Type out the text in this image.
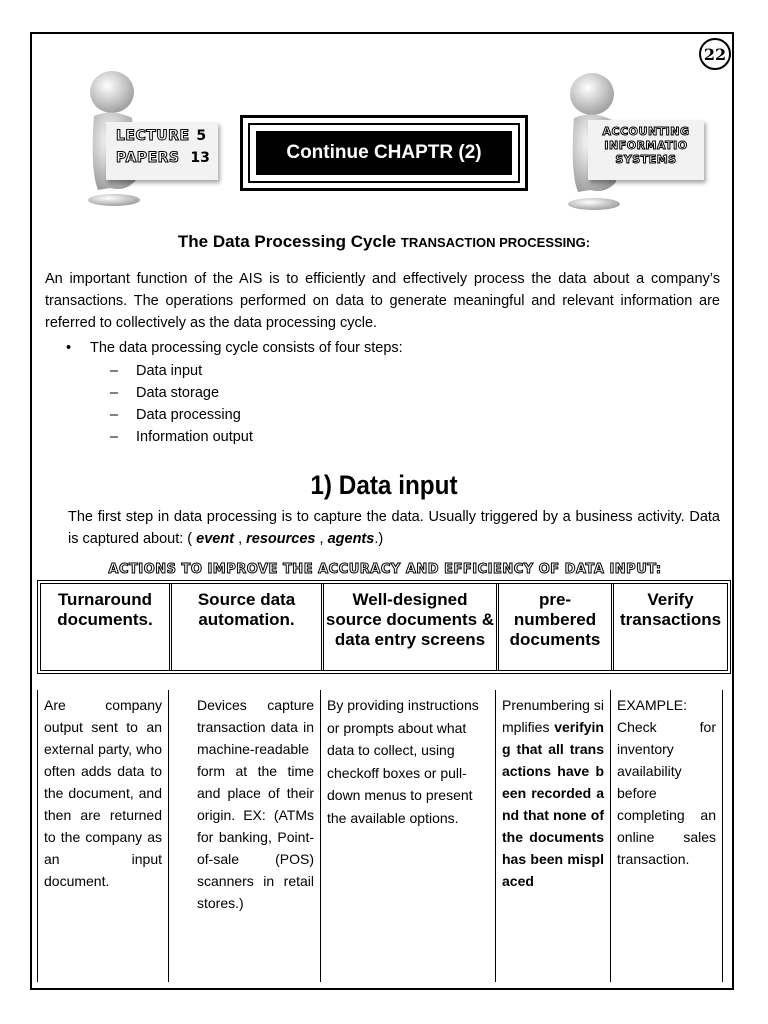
22
LECTURE 5
PAPERS 13	Continue CHAPTR (2)
ACCOUNTING
INFORMATIO
SYSTEMS
The Data Processing Cycle TRANSACTION PROCESSING:
An important function of the AIS is to efficiently and effectively process the data about a company’s transactions. The operations performed on data to generate meaningful and relevant information are referred to collectively as the data processing cycle.
• The data processing cycle consists of four steps:
– Data input
– Data storage
– Data processing
– Information output
1) Data input
The first step in data processing is to capture the data. Usually triggered by a business activity. Data is captured about: ( event , resources , agents.)
ACTIONS TO IMPROVE THE ACCURACY AND EFFICIENCY OF DATA INPUT:
Turnaround documents.
Source data automation.
Well-designed source documents & data entry screens
pre-numbered documents
Verify transactions
Are company output sent to an external party, who often adds data to the document, and then are returned to the company as an input document.
Devices capture transaction data in machine-readable form at the time and place of their origin. EX: (ATMs for banking, Point-of-sale (POS) scanners in retail stores.)
By providing instructions or prompts about what data to collect, using checkoff boxes or pull-down menus to present the available options.
Prenumbering simplifies verifying that all transactions have been recorded and that none of the documents has been misplaced
EXAMPLE: Check for inventory availability before completing an online sales transaction.
